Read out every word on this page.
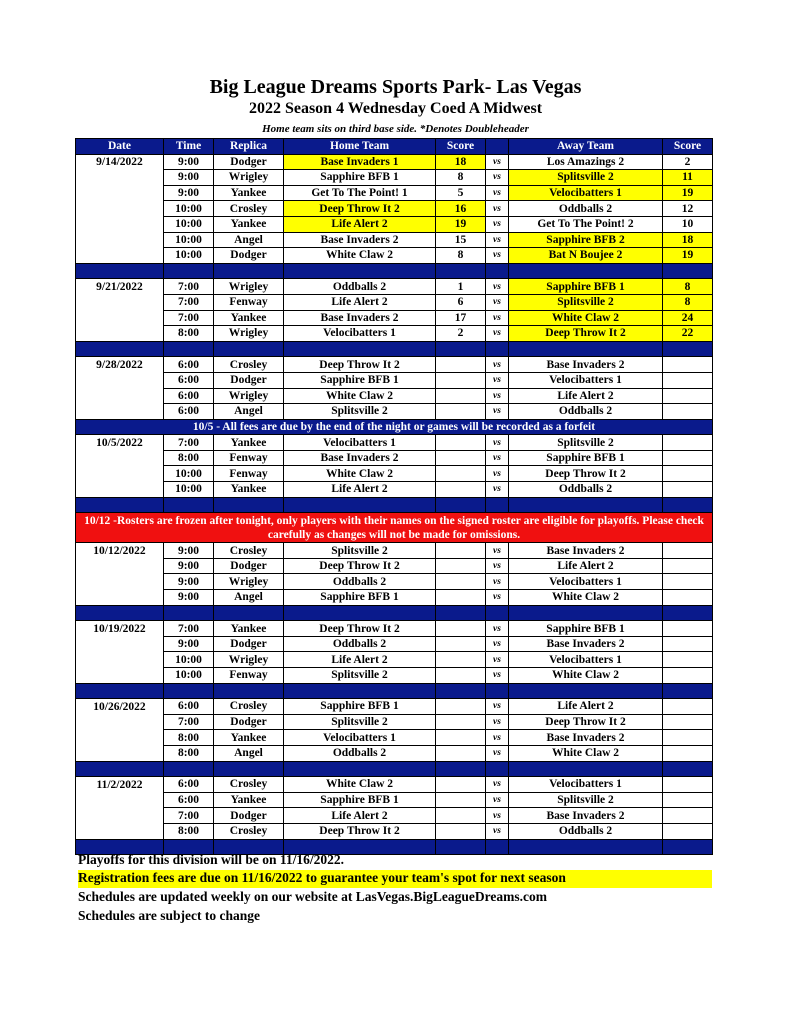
Big League Dreams Sports Park- Las Vegas
2022 Season 4 Wednesday Coed A Midwest
Home team sits on third base side. *Denotes Doubleheader
Date	Time	Replica	Home Team	Score		Away Team	Score
9/14/2022	9:00	Dodger	Base Invaders 1	18	vs	Los Amazings 2	2
	9:00	Wrigley	Sapphire BFB 1	8	vs	Splitsville 2	11
	9:00	Yankee	Get To The Point! 1	5	vs	Velocibatters 1	19
	10:00	Crosley	Deep Throw It 2	16	vs	Oddballs 2	12
	10:00	Yankee	Life Alert 2	19	vs	Get To The Point! 2	10
	10:00	Angel	Base Invaders 2	15	vs	Sapphire BFB 2	18
	10:00	Dodger	White Claw 2	8	vs	Bat N Boujee 2	19

9/21/2022	7:00	Wrigley	Oddballs 2	1	vs	Sapphire BFB 1	8
	7:00	Fenway	Life Alert 2	6	vs	Splitsville 2	8
	7:00	Yankee	Base Invaders 2	17	vs	White Claw 2	24
	8:00	Wrigley	Velocibatters 1	2	vs	Deep Throw It 2	22

9/28/2022	6:00	Crosley	Deep Throw It 2		vs	Base Invaders 2	
	6:00	Dodger	Sapphire BFB 1		vs	Velocibatters 1	
	6:00	Wrigley	White Claw 2		vs	Life Alert 2	
	6:00	Angel	Splitsville 2		vs	Oddballs 2	
10/5 - All fees are due by the end of the night or games will be recorded as a forfeit							
10/5/2022	7:00	Yankee	Velocibatters 1		vs	Splitsville 2	
	8:00	Fenway	Base Invaders 2		vs	Sapphire BFB 1	
	10:00	Fenway	White Claw 2		vs	Deep Throw It 2	
	10:00	Yankee	Life Alert 2		vs	Oddballs 2	

10/12 -Rosters are frozen after tonight, only players with their names on the signed roster are eligible for playoffs. Please check carefully as changes will not be made for omissions.							
10/12/2022	9:00	Crosley	Splitsville 2		vs	Base Invaders 2	
	9:00	Dodger	Deep Throw It 2		vs	Life Alert 2	
	9:00	Wrigley	Oddballs 2		vs	Velocibatters 1	
	9:00	Angel	Sapphire BFB 1		vs	White Claw 2	

10/19/2022	7:00	Yankee	Deep Throw It 2		vs	Sapphire BFB 1	
	9:00	Dodger	Oddballs 2		vs	Base Invaders 2	
	10:00	Wrigley	Life Alert 2		vs	Velocibatters 1	
	10:00	Fenway	Splitsville 2		vs	White Claw 2	

10/26/2022	6:00	Crosley	Sapphire BFB 1		vs	Life Alert 2	
	7:00	Dodger	Splitsville 2		vs	Deep Throw It 2	
	8:00	Yankee	Velocibatters 1		vs	Base Invaders 2	
	8:00	Angel	Oddballs 2		vs	White Claw 2	

11/2/2022	6:00	Crosley	White Claw 2		vs	Velocibatters 1	
	6:00	Yankee	Sapphire BFB 1		vs	Splitsville 2	
	7:00	Dodger	Life Alert 2		vs	Base Invaders 2	
	8:00	Crosley	Deep Throw It 2		vs	Oddballs 2	

Playoffs for this division will be on 11/16/2022.
Registration fees are due on 11/16/2022 to guarantee your team's spot for next season
Schedules are updated weekly on our website at LasVegas.BigLeagueDreams.com
Schedules are subject to change
